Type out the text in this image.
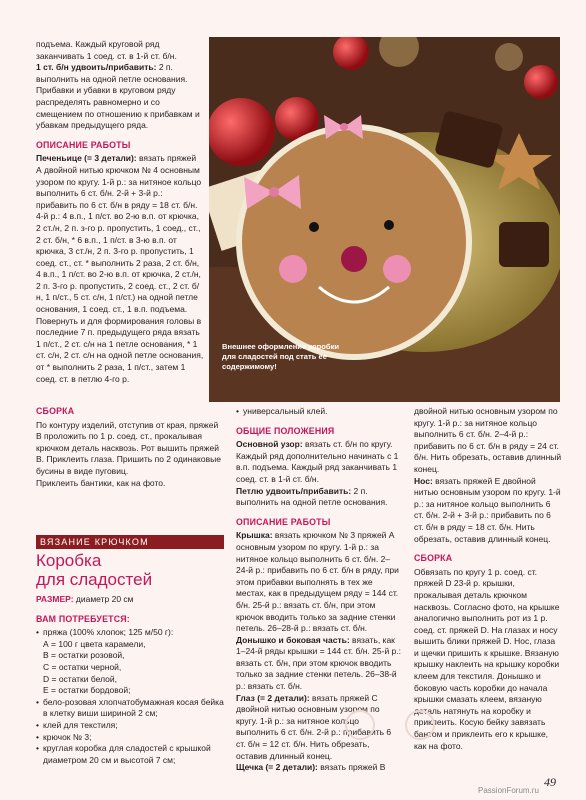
подъема. Каждый круговой ряд заканчивать 1 соед. ст. в 1-й ст. б/н.

1 ст. б/н удвоить/прибавить: 2 п. выполнить на одной петле основания.

Прибавки и убавки в круговом ряду распределять равномерно и со смещением по отношению к прибавкам и убавкам предыдущего ряда.

ОПИСАНИЕ РАБОТЫ

Печеньице (= 3 детали): вязать пряжей А двойной нитью крючком № 4 основным узором по кругу. 1-й р.: за нитяное кольцо выполнить 6 ст. б/н. 2-й + 3-й р.: прибавить по 6 ст. б/н в ряду = 18 ст. б/н. 4-й р.: 4 в.п., 1 п/ст. во 2-ю в.п. от крючка, 2 ст./н, 2 п. з-го р. пропустить, 1 соед., ст., 2 ст. б/н, * 6 в.п., 1 п/ст. в 3-ю в.п. от крючка, 3 ст./н, 2 п. 3-го р. пропустить, 1 соед. ст., ст. * выполнить 2 раза, 2 ст. б/н, 4 в.п., 1 п/ст. во 2-ю в.п. от крючка, 2 ст./н, 2 п. 3-го р. пропустить, 2 соед. ст., 2 ст. б/н, 1 п/ст., 5 ст. с/н, 1 п/ст.) на одной петле основания, 1 соед. ст., 1 в.п. подъема. Повернуть и для формирования головы в последние 7 п. предыдущего ряда вязать 1 п/ст., 2 ст. с/н на 1 петле основания, * 1 ст. с/н, 2 ст. с/н на одной петле основания, от * выполнить 2 раза, 1 п/ст., затем 1 соед. ст. в петлю 4-го р.

Внешнее оформление коробки для сладостей под стать ее содержимому!
СБОРКА

По контуру изделий, отступив от края, пряжей В проложить по 1 р. соед. ст., прокалывая крючком деталь насквозь. Рот вышить пряжей В. Приклеить глаза. Пришить по 2 одинаковые бусины в виде пуговиц.

Приклеить бантики, как на фото.

ВЯЗАНИЕ КРЮЧКОМ
Коробка
для сладостей

РАЗМЕР: диаметр 20 см

ВАМ ПОТРЕБУЕТСЯ:

• пряжа (100% хлопок; 125 м/50 г):

А = 100 г цвета карамели,

В = остатки розовой,

С = остатки черной,

D = остатки белой,

Е = остатки бордовой;

• бело-розовая хлопчатобумажная косая бейка в клетку виши шириной 2 см;

• клей для текстиля;

• крючок № 3;

• круглая коробка для сладостей с крышкой диаметром 20 см и высотой 7 см;

• универсальный клей.

ОБЩИЕ ПОЛОЖЕНИЯ

Основной узор: вязать ст. б/н по кругу. Каждый ряд дополнительно начинать с 1 в.п. подъема. Каждый ряд заканчивать 1 соед. ст. в 1-й ст. б/н.

Петлю удвоить/прибавить: 2 п. выполнить на одной петле основания.

ОПИСАНИЕ РАБОТЫ

Крышка: вязать крючком № 3 пряжей А основным узором по кругу. 1-й р.: за нитяное кольцо выполнить 6 ст. б/н. 2–24-й р.: прибавить по 6 ст. б/н в ряду, при этом прибавки выполнять в тех же местах, как в предыдущем ряду = 144 ст. б/н. 25-й р.: вязать ст. б/н, при этом крючок вводить только за задние стенки петель. 26–28-й р.: вязать ст. б/н.

Донышко и боковая часть: вязать, как 1–24-й ряды крышки = 144 ст. б/н. 25-й р.: вязать ст. б/н, при этом крючок вводить только за задние стенки петель. 26–38-й р.: вязать ст. б/н.

Глаз (= 2 детали): вязать пряжей С двойной нитью основным узором по кругу. 1-й р.: за нитяное кольцо выполнить 6 ст. б/н. 2-й р.: прибавить 6 ст. б/н = 12 ст. б/н. Нить обрезать, оставив длинный конец.

Щечка (= 2 детали): вязать пряжей В

двойной нитью основным узором по кругу. 1-й р.: за нитяное кольцо выполнить 6 ст. б/н. 2–4-й р.: прибавить по 6 ст. б/н в ряду = 24 ст. б/н. Нить обрезать, оставив длинный конец.

Нос: вязать пряжей Е двойной нитью основным узором по кругу. 1-й р.: за нитяное кольцо выполнить 6 ст. б/н. 2-й + 3-й р.: прибавить по 6 ст. б/н в ряду = 18 ст. б/н. Нить обрезать, оставив длинный конец.

СБОРКА

Обвязать по кругу 1 р. соед. ст. пряжей D 23-й р. крышки, прокалывая деталь крючком насквозь. Согласно фото, на крышке аналогично выполнить рот из 1 р. соед. ст. пряжей D. На глазах и носу вышить блики пряжей D. Нос, глаза и щечки пришить к крышке. Вязаную крышку наклеить на крышку коробки клеем для текстиля. Донышко и боковую часть коробки до начала крышки смазать клеем, вязаную деталь натянуть на коробку и приклеить. Косую бейку завязать бантом и приклеить его к крышке, как на фото.

49
PassionForum.ru
